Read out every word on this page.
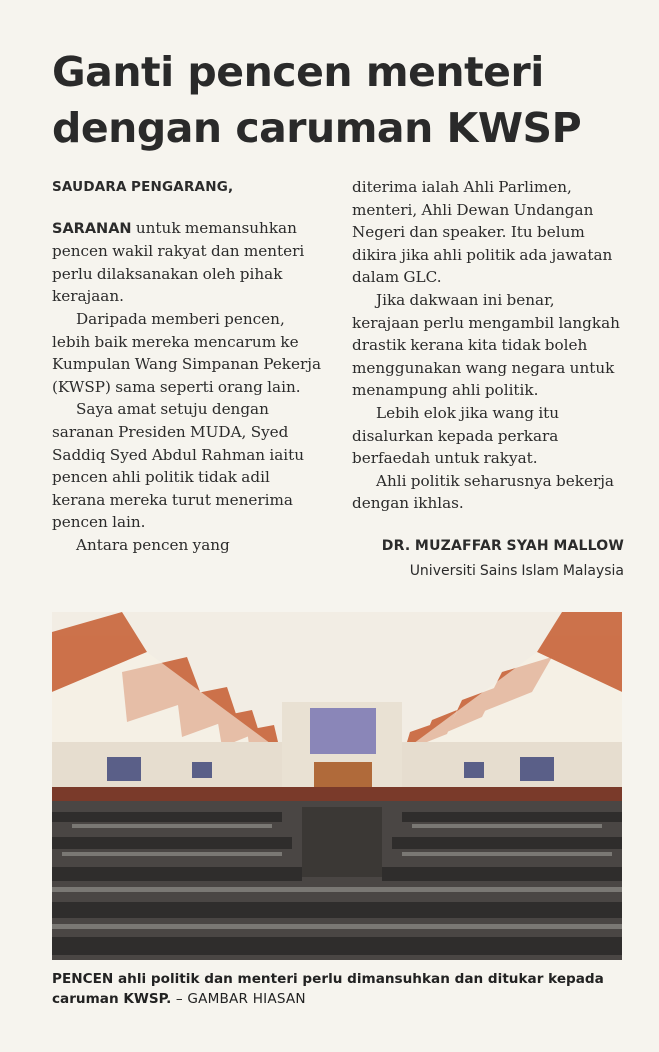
Ganti pencen menteri
dengan caruman KWSP
SAUDARA PENGARANG,

SARANAN untuk memansuhkan pencen wakil rakyat dan menteri perlu dilaksanakan oleh pihak kerajaan.

Daripada memberi pencen, lebih baik mereka mencarum ke Kumpulan Wang Simpanan Pekerja (KWSP) sama seperti orang lain.

Saya amat setuju dengan saranan Presiden MUDA, Syed Saddiq Syed Abdul Rahman iaitu pencen ahli politik tidak adil kerana mereka turut menerima pencen lain.

Antara pencen yang

diterima ialah Ahli Parlimen, menteri, Ahli Dewan Undangan Negeri dan speaker. Itu belum dikira jika ahli politik ada jawatan dalam GLC.

Jika dakwaan ini benar, kerajaan perlu mengambil langkah drastik kerana kita tidak boleh menggunakan wang negara untuk menampung ahli politik.

Lebih elok jika wang itu disalurkan kepada perkara berfaedah untuk rakyat.

Ahli politik seharusnya bekerja dengan ikhlas.

DR. MUZAFFAR SYAH MALLOW
Universiti Sains Islam Malaysia
PENCEN ahli politik dan menteri perlu dimansuhkan dan ditukar kepada caruman KWSP. – GAMBAR HIASAN
